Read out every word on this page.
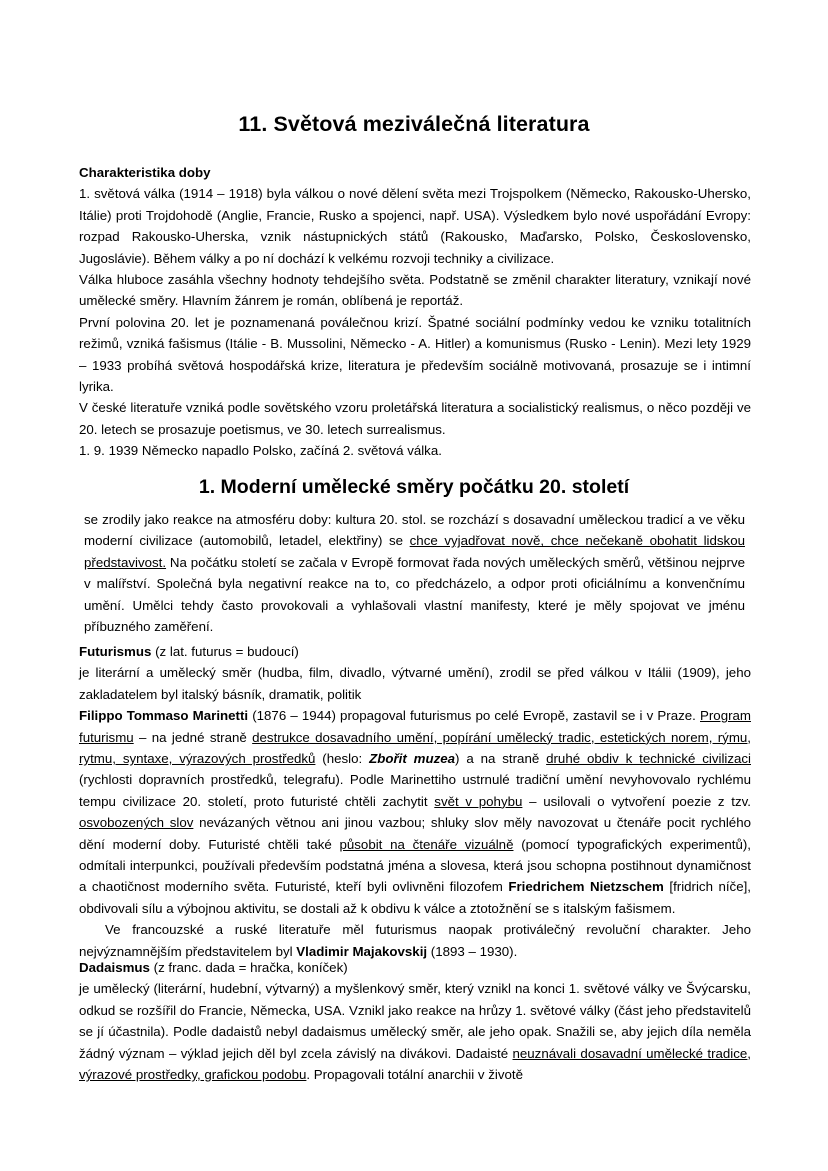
11. Světová meziválečná literatura

Charakteristika doby

1. světová válka (1914 – 1918) byla válkou o nové dělení světa mezi Trojspolkem (Německo, Rakousko-Uhersko, Itálie) proti Trojdohodě (Anglie, Francie, Rusko a spojenci, např. USA). Výsledkem bylo nové uspořádání Evropy: rozpad Rakousko-Uherska, vznik nástupnických států (Rakousko, Maďarsko, Polsko, Československo, Jugoslávie). Během války a po ní dochází k velkému rozvoji techniky a civilizace.

Válka hluboce zasáhla všechny hodnoty tehdejšího světa. Podstatně se změnil charakter literatury, vznikají nové umělecké směry. Hlavním žánrem je román, oblíbená je reportáž.

První polovina 20. let je poznamenaná poválečnou krizí. Špatné sociální podmínky vedou ke vzniku totalitních režimů, vzniká fašismus (Itálie - B. Mussolini, Německo - A. Hitler) a komunismus (Rusko - Lenin). Mezi lety 1929 – 1933 probíhá světová hospodářská krize, literatura je především sociálně motivovaná, prosazuje se i intimní lyrika.

V české literatuře vzniká podle sovětského vzoru proletářská literatura a socialistický realismus, o něco později ve 20. letech se prosazuje poetismus, ve 30. letech surrealismus.

1. 9. 1939 Německo napadlo Polsko, začíná 2. světová válka.

1. Moderní umělecké směry počátku 20. století

se zrodily jako reakce na atmosféru doby: kultura 20. stol. se rozchází s dosavadní uměleckou tradicí a ve věku moderní civilizace (automobilů, letadel, elektřiny) se chce vyjadřovat nově, chce nečekaně obohatit lidskou představivost. Na počátku století se začala v Evropě formovat řada nových uměleckých směrů, většinou nejprve v malířství. Společná byla negativní reakce na to, co předcházelo, a odpor proti oficiálnímu a konvenčnímu umění. Umělci tehdy často provokovali a vyhlašovali vlastní manifesty, které je měly spojovat ve jménu příbuzného zaměření.

Futurismus (z lat. futurus = budoucí)

je literární a umělecký směr (hudba, film, divadlo, výtvarné umění), zrodil se před válkou v Itálii (1909), jeho zakladatelem byl italský básník, dramatik, politik

Filippo Tommaso Marinetti (1876 – 1944) propagoval futurismus po celé Evropě, zastavil se i v Praze. Program futurismu – na jedné straně destrukce dosavadního umění, popírání umělecký tradic, estetických norem, rýmu, rytmu, syntaxe, výrazových prostředků (heslo: Zbořit muzea) a na straně druhé obdiv k technické civilizaci (rychlosti dopravních prostředků, telegrafu). Podle Marinettiho ustrnulé tradiční umění nevyhovovalo rychlému tempu civilizace 20. století, proto futuristé chtěli zachytit svět v pohybu – usilovali o vytvoření poezie z tzv. osvobozených slov nevázaných větnou ani jinou vazbou; shluky slov měly navozovat u čtenáře pocit rychlého dění moderní doby. Futuristé chtěli také působit na čtenáře vizuálně (pomocí typografických experimentů), odmítali interpunkci, používali především podstatná jména a slovesa, která jsou schopna postihnout dynamičnost a chaotičnost moderního světa. Futuristé, kteří byli ovlivněni filozofem Friedrichem Nietzschem [fridrich níče], obdivovali sílu a výbojnou aktivitu, se dostali až k obdivu k válce a ztotožnění se s italským fašismem.

Ve francouzské a ruské literatuře měl futurismus naopak protiválečný revoluční charakter. Jeho nejvýznamnějším představitelem byl Vladimir Majakovskij (1893 – 1930).

Dadaismus (z franc. dada = hračka, koníček)

je umělecký (literární, hudební, výtvarný) a myšlenkový směr, který vznikl na konci 1. světové války ve Švýcarsku, odkud se rozšířil do Francie, Německa, USA. Vznikl jako reakce na hrůzy 1. světové války (část jeho představitelů se jí účastnila). Podle dadaistů nebyl dadaismus umělecký směr, ale jeho opak. Snažili se, aby jejich díla neměla žádný význam – výklad jejich děl byl zcela závislý na divákovi. Dadaisté neuznávali dosavadní umělecké tradice, výrazové prostředky, grafickou podobu. Propagovali totální anarchii v životě
